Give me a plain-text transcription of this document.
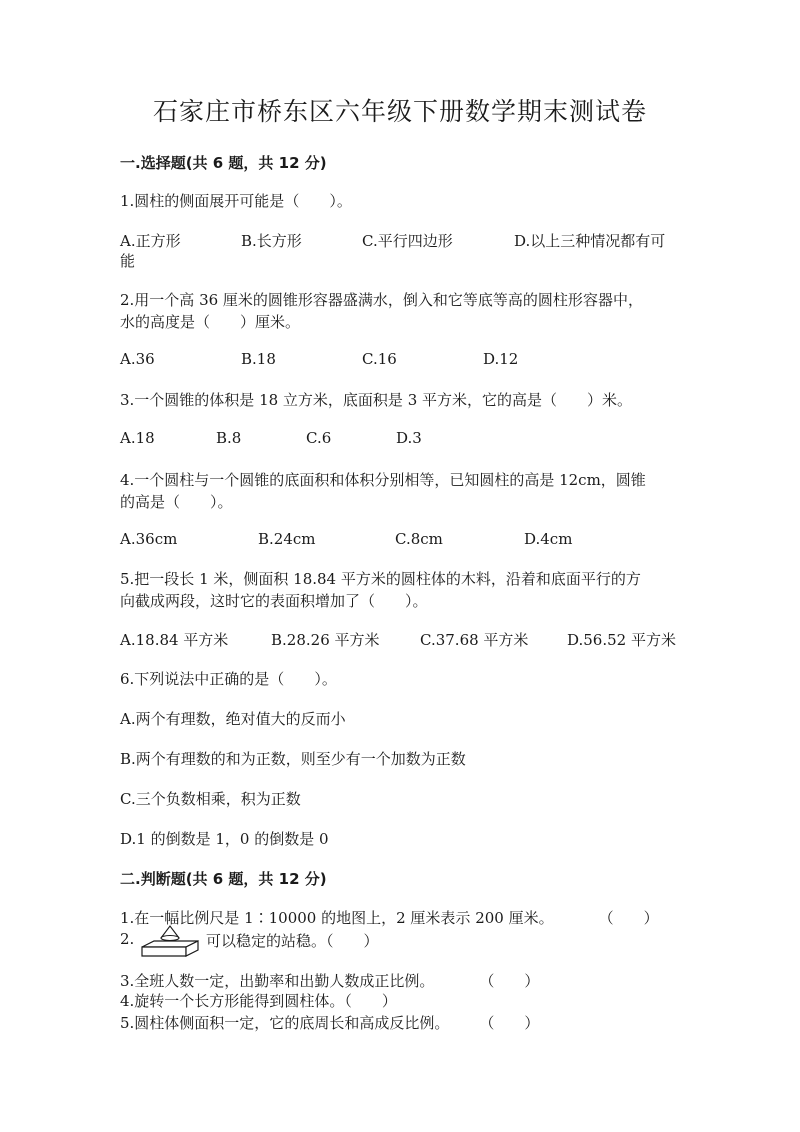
石家庄市桥东区六年级下册数学期末测试卷
一.选择题(共 6 题，共 12 分)
1.圆柱的侧面展开可能是（　　）。
A.正方形	B.长方形	C.平行四边形	D.以上三种情况都有可
能
2.用一个高 36 厘米的圆锥形容器盛满水，倒入和它等底等高的圆柱形容器中，
水的高度是（　　）厘米。
A.36	B.18	C.16	D.12
3.一个圆锥的体积是 18 立方米，底面积是 3 平方米，它的高是（　　）米。
A.18	B.8	C.6	D.3
4.一个圆柱与一个圆锥的底面积和体积分别相等，已知圆柱的高是 12cm，圆锥
的高是（　　）。
A.36cm	B.24cm	C.8cm	D.4cm
5.把一段长 1 米，侧面积 18.84 平方米的圆柱体的木料，沿着和底面平行的方
向截成两段，这时它的表面积增加了（　　）。
A.18.84 平方米	B.28.26 平方米	C.37.68 平方米	D.56.52 平方米
6.下列说法中正确的是（　　）。
A.两个有理数，绝对值大的反而小
B.两个有理数的和为正数，则至少有一个加数为正数
C.三个负数相乘，积为正数
D.1 的倒数是 1，0 的倒数是 0
二.判断题(共 6 题，共 12 分)
1.在一幅比例尺是 1∶10000 的地图上，2 厘米表示 200 厘米。　　　　（　　）
2.	可以稳定的站稳。（　　）
3.全班人数一定，出勤率和出勤人数成正比例。　　　　（　　）
4.旋转一个长方形能得到圆柱体。（　　）
5.圆柱体侧面积一定，它的底周长和高成反比例。　　　（　　）
